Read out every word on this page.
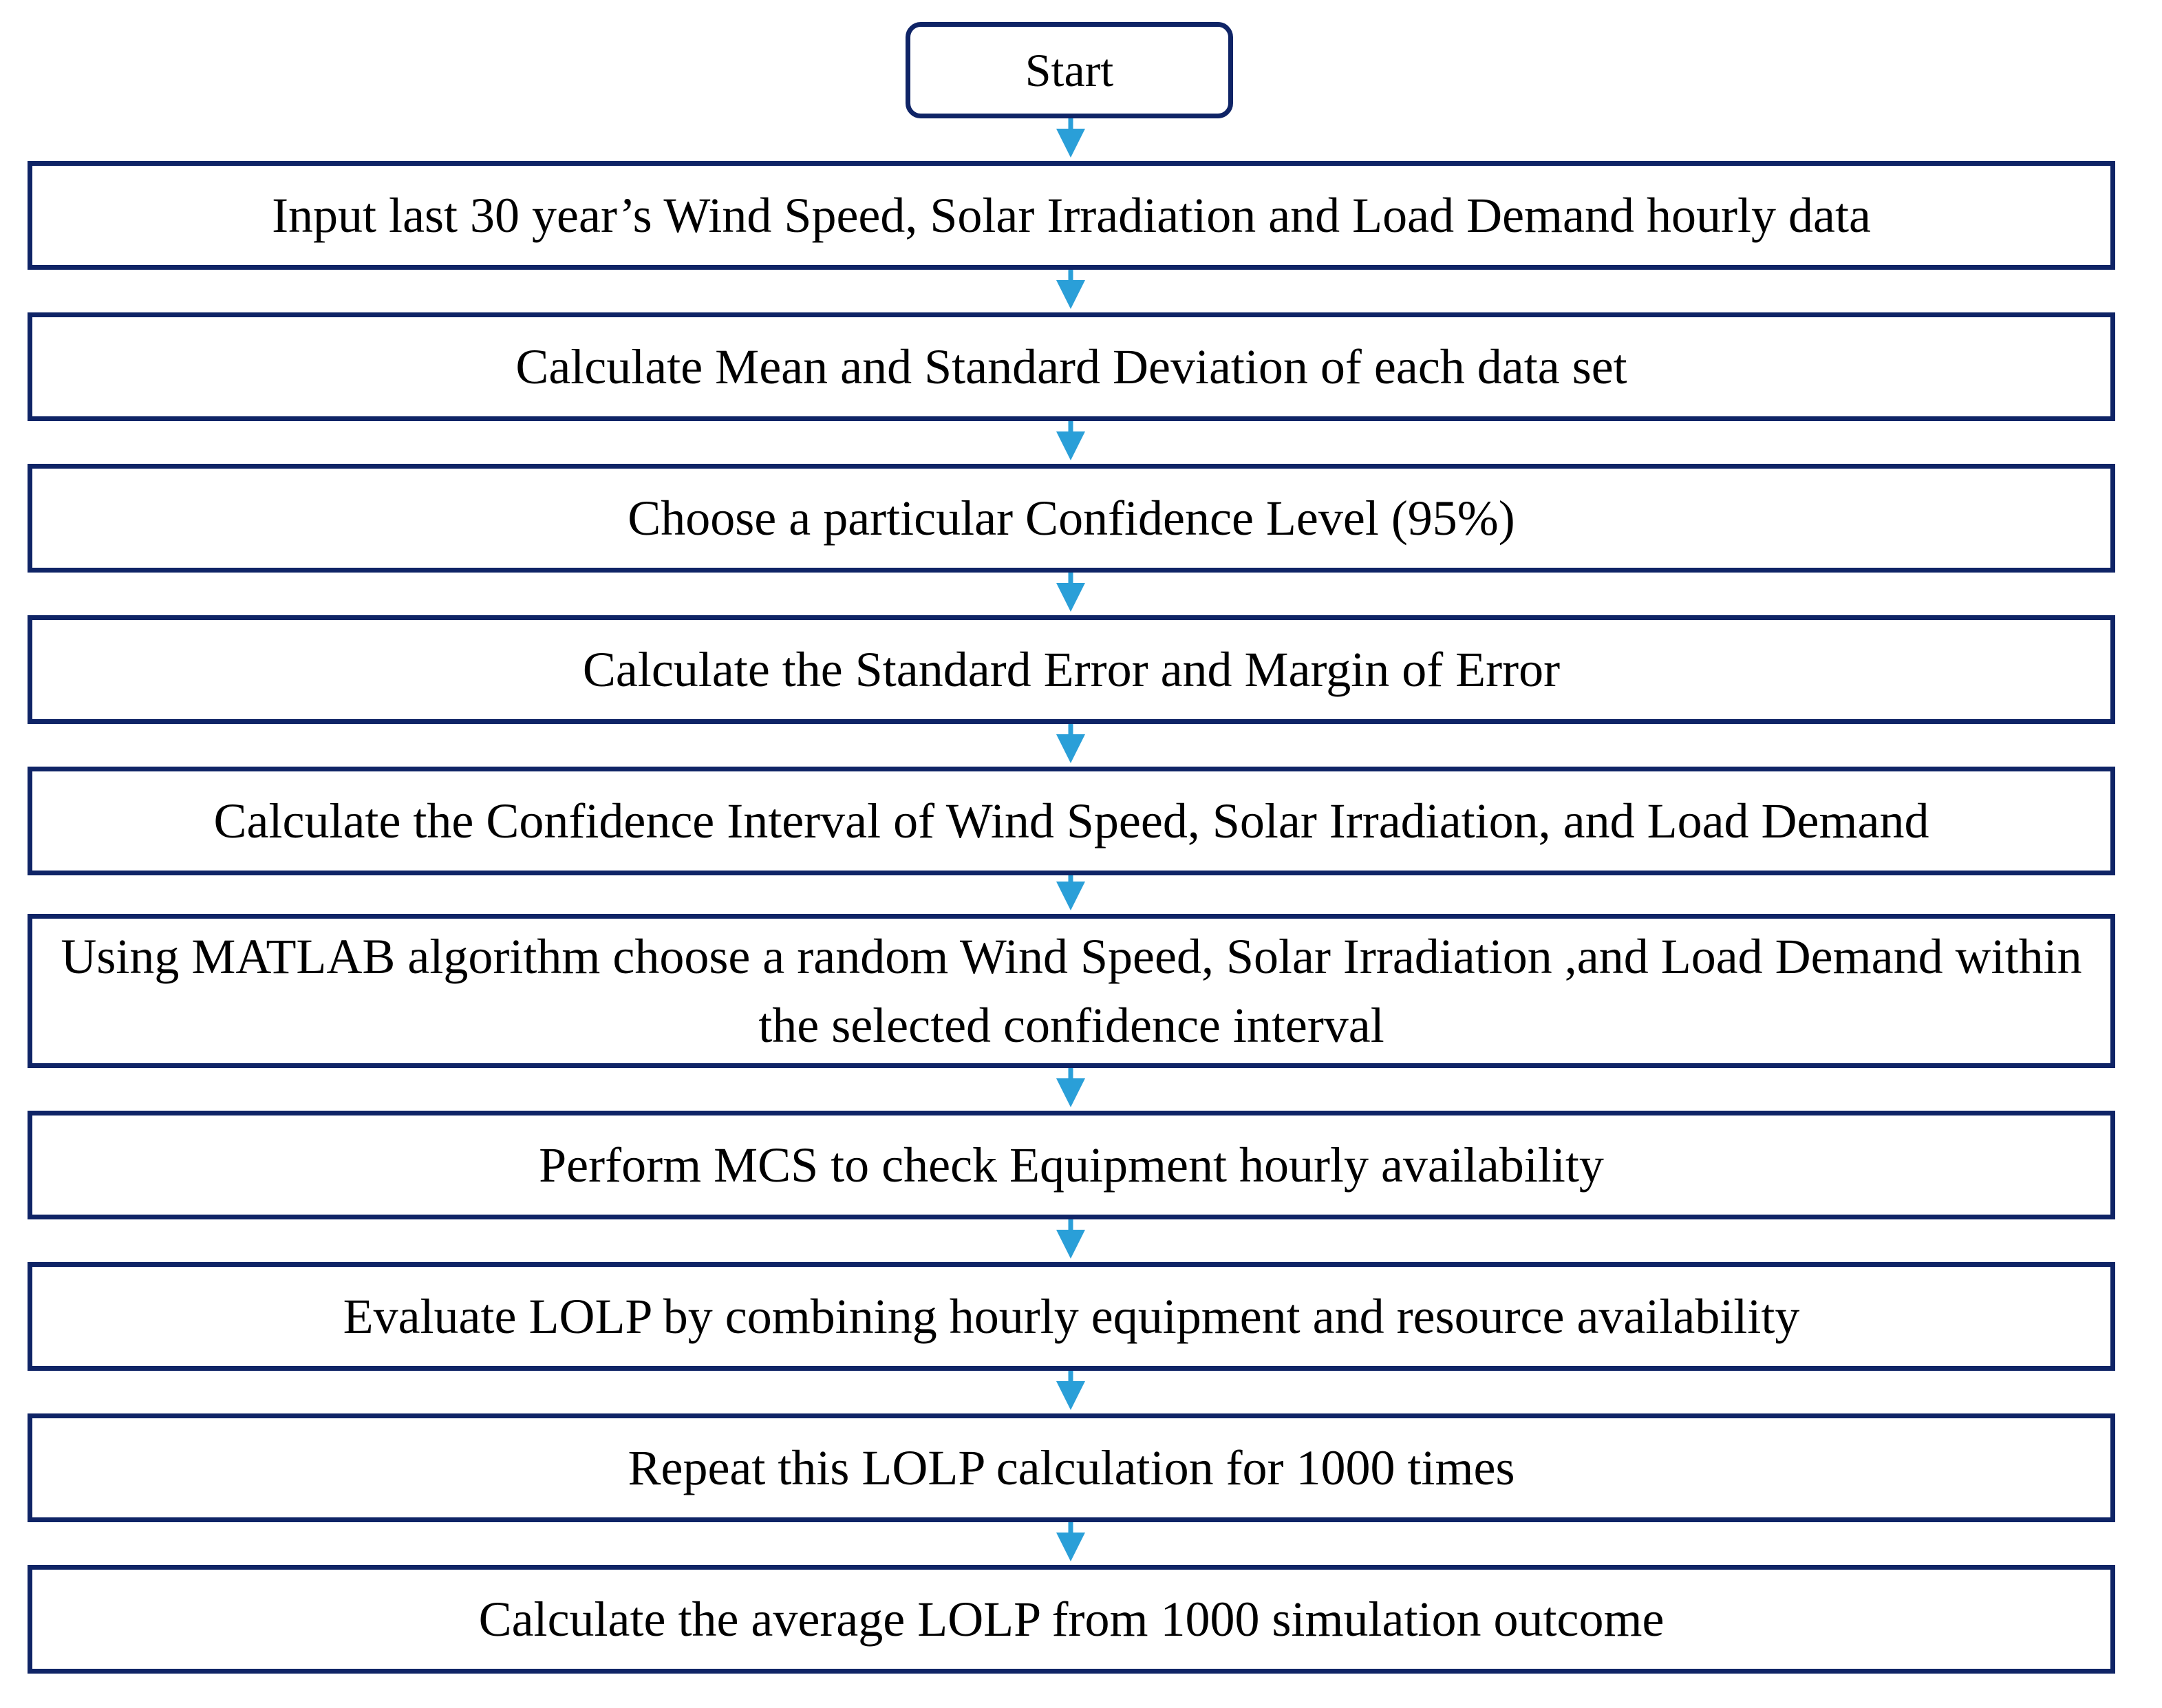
Start
Input last 30 year’s Wind Speed, Solar Irradiation and Load Demand hourly data
Calculate Mean and Standard Deviation of each data set
Choose a particular Confidence Level (95%)
Calculate the Standard Error and Margin of Error
Calculate the Confidence Interval of Wind Speed, Solar Irradiation, and Load Demand
Using MATLAB algorithm choose a random Wind Speed, Solar Irradiation ,and Load Demand within the selected confidence interval
Perform MCS to check Equipment hourly availability
Evaluate LOLP by combining hourly equipment and resource availability
Repeat this LOLP calculation for 1000 times
Calculate the average LOLP from 1000 simulation outcome
